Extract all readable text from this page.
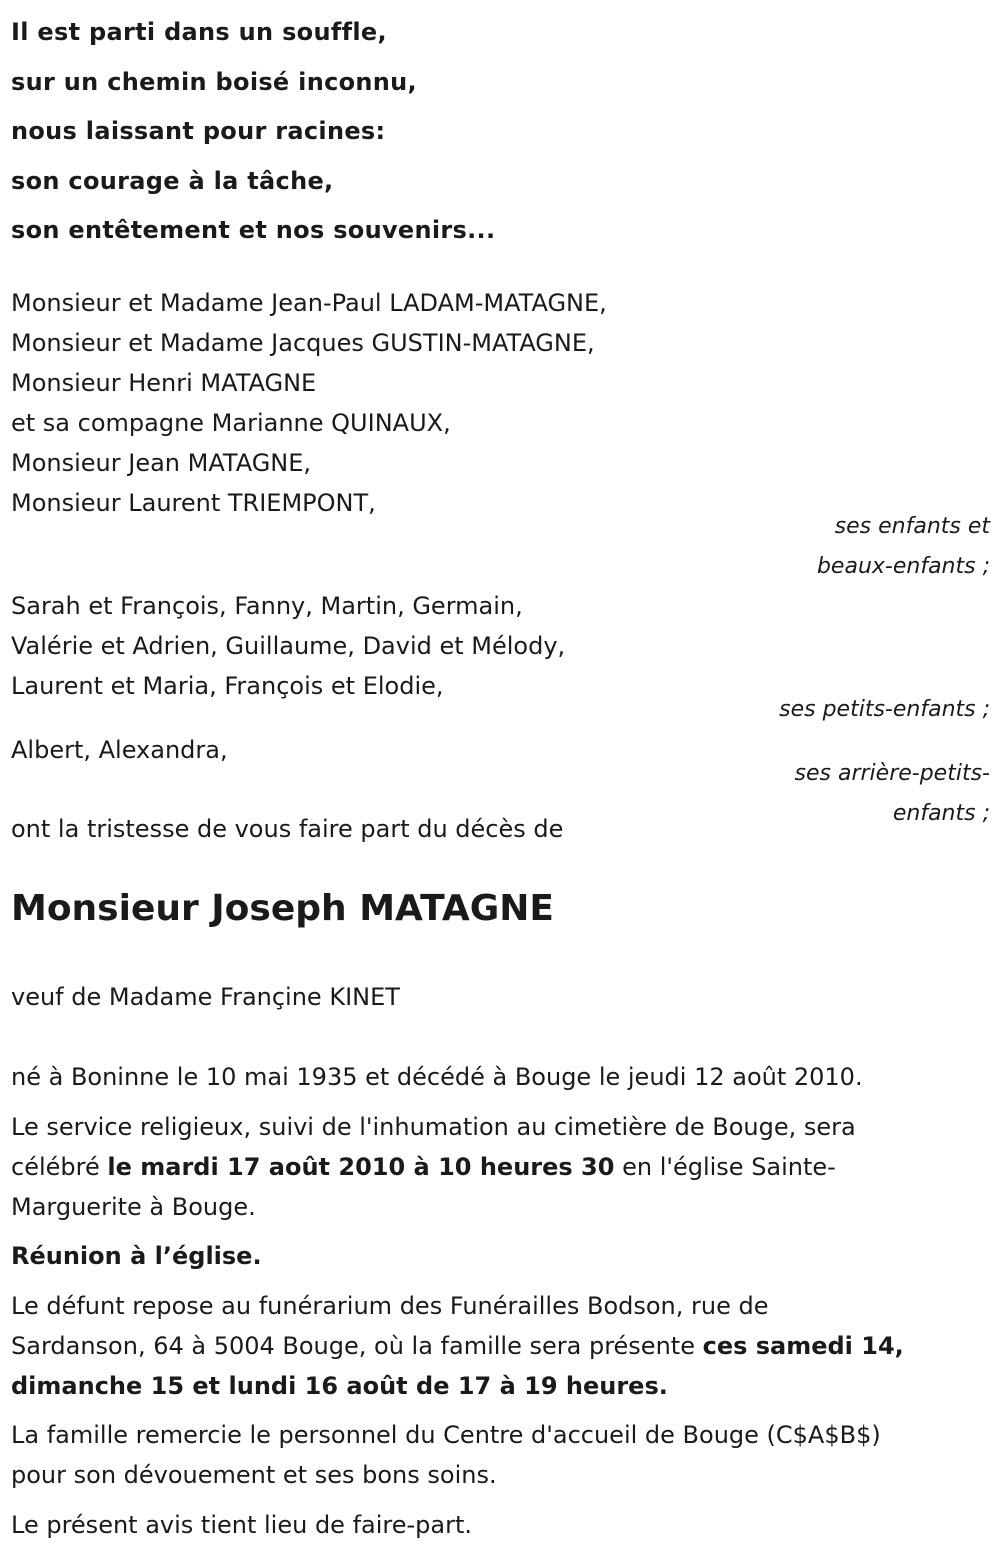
Il est parti dans un souffle,
sur un chemin boisé inconnu,
nous laissant pour racines:
son courage à la tâche,
son entêtement et nos souvenirs...
Monsieur et Madame Jean-Paul LADAM-MATAGNE,
Monsieur et Madame Jacques GUSTIN-MATAGNE,
Monsieur Henri MATAGNE
et sa compagne Marianne QUINAUX,
Monsieur Jean MATAGNE,
Monsieur Laurent TRIEMPONT,
ses enfants et
beaux-enfants ;
Sarah et François, Fanny, Martin, Germain,
Valérie et Adrien, Guillaume, David et Mélody,
Laurent et Maria, François et Elodie,
ses petits-enfants ;
Albert, Alexandra,
ses arrière-petits-
enfants ;
ont la tristesse de vous faire part du décès de
Monsieur Joseph MATAGNE
veuf de Madame Françine KINET
né à Boninne le 10 mai 1935 et décédé à Bouge le jeudi 12 août 2010.
Le service religieux, suivi de l'inhumation au cimetière de Bouge, sera
célébré le mardi 17 août 2010 à 10 heures 30 en l'église Sainte-
Marguerite à Bouge.
Réunion à l’église.
Le défunt repose au funérarium des Funérailles Bodson, rue de
Sardanson, 64 à 5004 Bouge, où la famille sera présente ces samedi 14,
dimanche 15 et lundi 16 août de 17 à 19 heures.
La famille remercie le personnel du Centre d'accueil de Bouge (C$A$B$)
pour son dévouement et ses bons soins.
Le présent avis tient lieu de faire-part.
